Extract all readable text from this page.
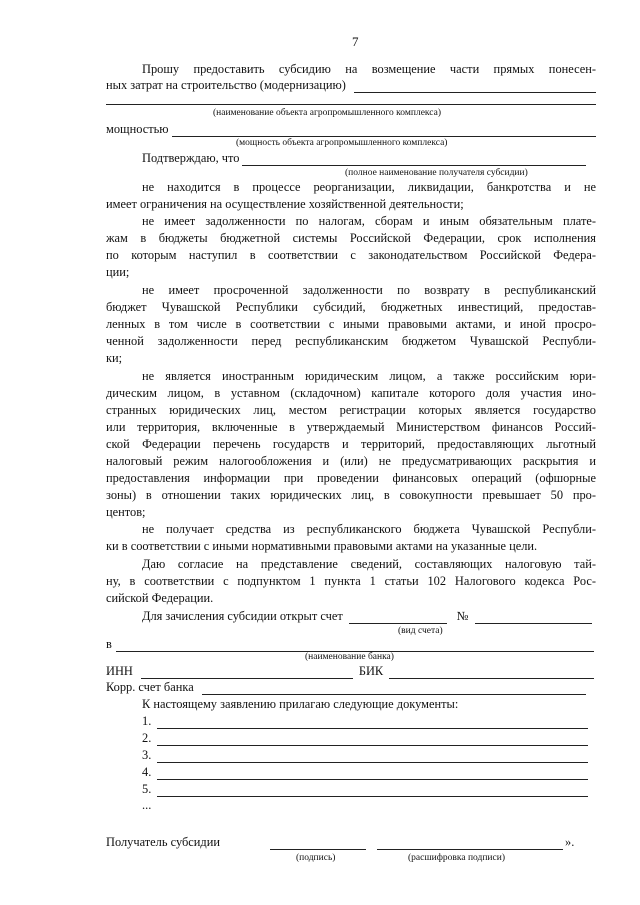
7
Прошу предоставить субсидию на возмещение части прямых понесен-
ных затрат на строительство (модернизацию)
(наименование объекта агропромышленного комплекса)
мощностью
(мощность объекта агропромышленного комплекса)
Подтверждаю, что
(полное наименование получателя субсидии)
не находится в процессе реорганизации, ликвидации, банкротства и не
имеет ограничения на осуществление хозяйственной деятельности;
не имеет задолженности по налогам, сборам и иным обязательным плате-
жам в бюджеты бюджетной системы Российской Федерации, срок исполнения
по которым наступил в соответствии с законодательством Российской Федера-
ции;
не имеет просроченной задолженности по возврату в республиканский
бюджет Чувашской Республики субсидий, бюджетных инвестиций, предостав-
ленных в том числе в соответствии с иными правовыми актами, и иной просро-
ченной задолженности перед республиканским бюджетом Чувашской Республи-
ки;
не является иностранным юридическим лицом, а также российским юри-
дическим лицом, в уставном (складочном) капитале которого доля участия ино-
странных юридических лиц, местом регистрации которых является государство
или территория, включенные в утверждаемый Министерством финансов Россий-
ской Федерации перечень государств и территорий, предоставляющих льготный
налоговый режим налогообложения и (или) не предусматривающих раскрытия и
предоставления информации при проведении финансовых операций (офшорные
зоны) в отношении таких юридических лиц, в совокупности превышает 50 про-
центов;
не получает средства из республиканского бюджета Чувашской Республи-
ки в соответствии с иными нормативными правовыми актами на указанные цели.
Даю согласие на представление сведений, составляющих налоговую тай-
ну, в соответствии с подпунктом 1 пункта 1 статьи 102 Налогового кодекса Рос-
сийской Федерации.
Для зачисления субсидии открыт счет	№
(вид счета)
в
(наименование банка)
ИНН	БИК
Корр. счет банка
К настоящему заявлению прилагаю следующие документы:
1.
2.
3.
4.
5.
...
Получатель субсидии	».
(подпись)	(расшифровка подписи)
